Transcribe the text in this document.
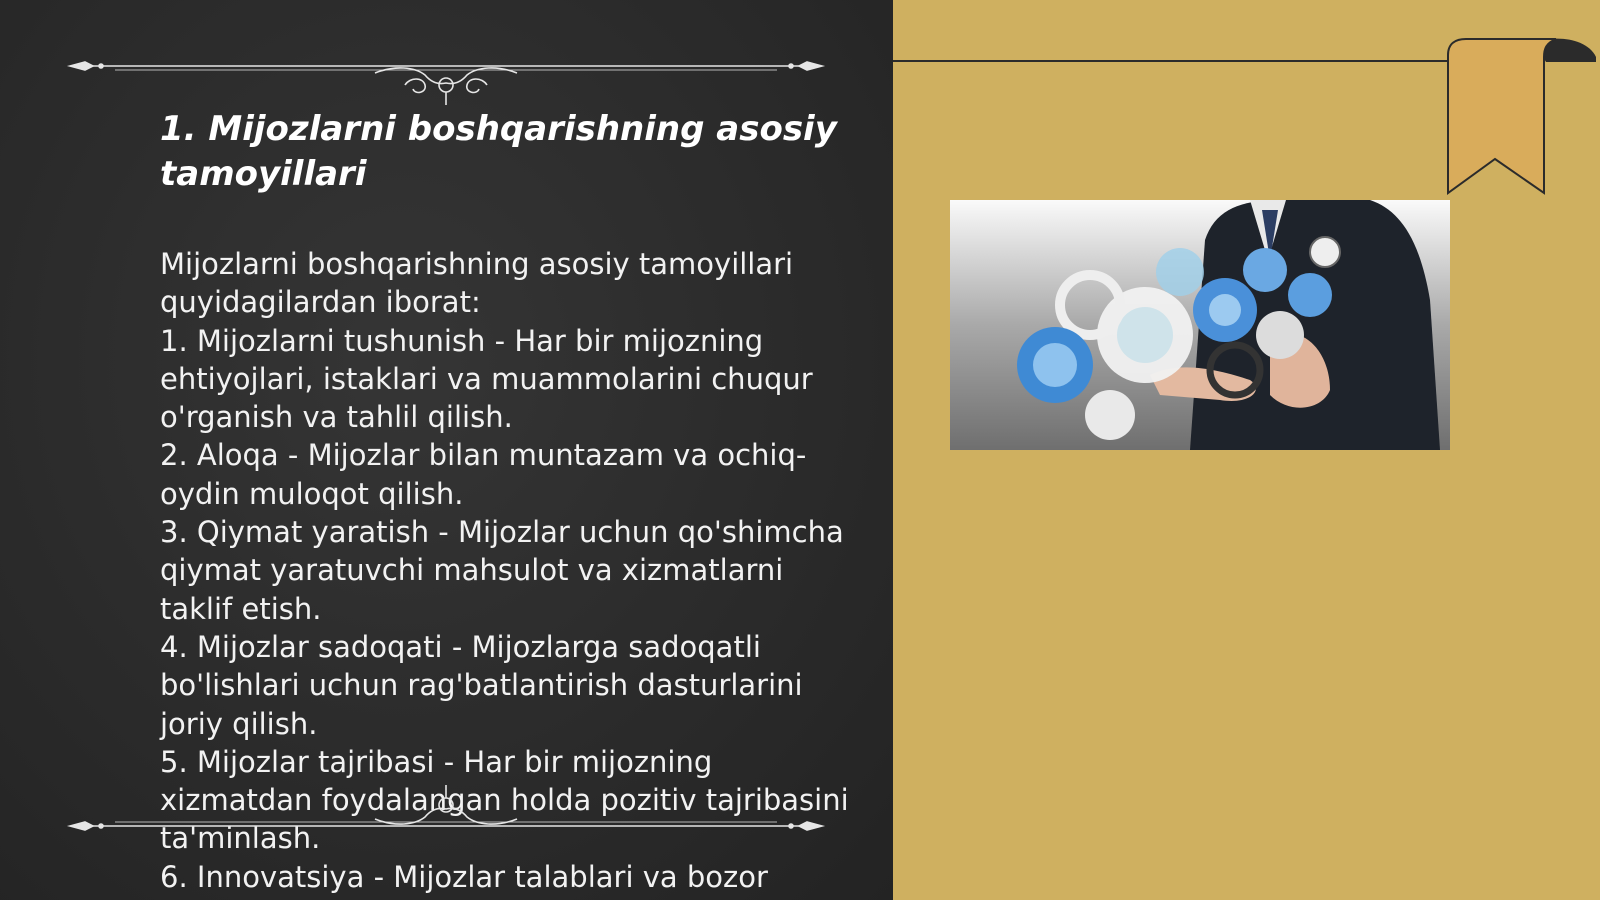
1. Mijozlarni boshqarishning asosiy tamoyillari
Mijozlarni boshqarishning asosiy tamoyillari quyidagilardan iborat:
1. Mijozlarni tushunish - Har bir mijozning ehtiyojlari, istaklari va muammolarini chuqur o'rganish va tahlil qilish.
2. Aloqa - Mijozlar bilan muntazam va ochiq-oydin muloqot qilish.
3. Qiymat yaratish - Mijozlar uchun qo'shimcha qiymat yaratuvchi mahsulot va xizmatlarni taklif etish.
4. Mijozlar sadoqati - Mijozlarga sadoqatli bo'lishlari uchun rag'batlantirish dasturlarini joriy qilish.
5. Mijozlar tajribasi - Har bir mijozning xizmatdan foydalangan holda pozitiv tajribasini ta'minlash.
6. Innovatsiya - Mijozlar talablari va bozor
